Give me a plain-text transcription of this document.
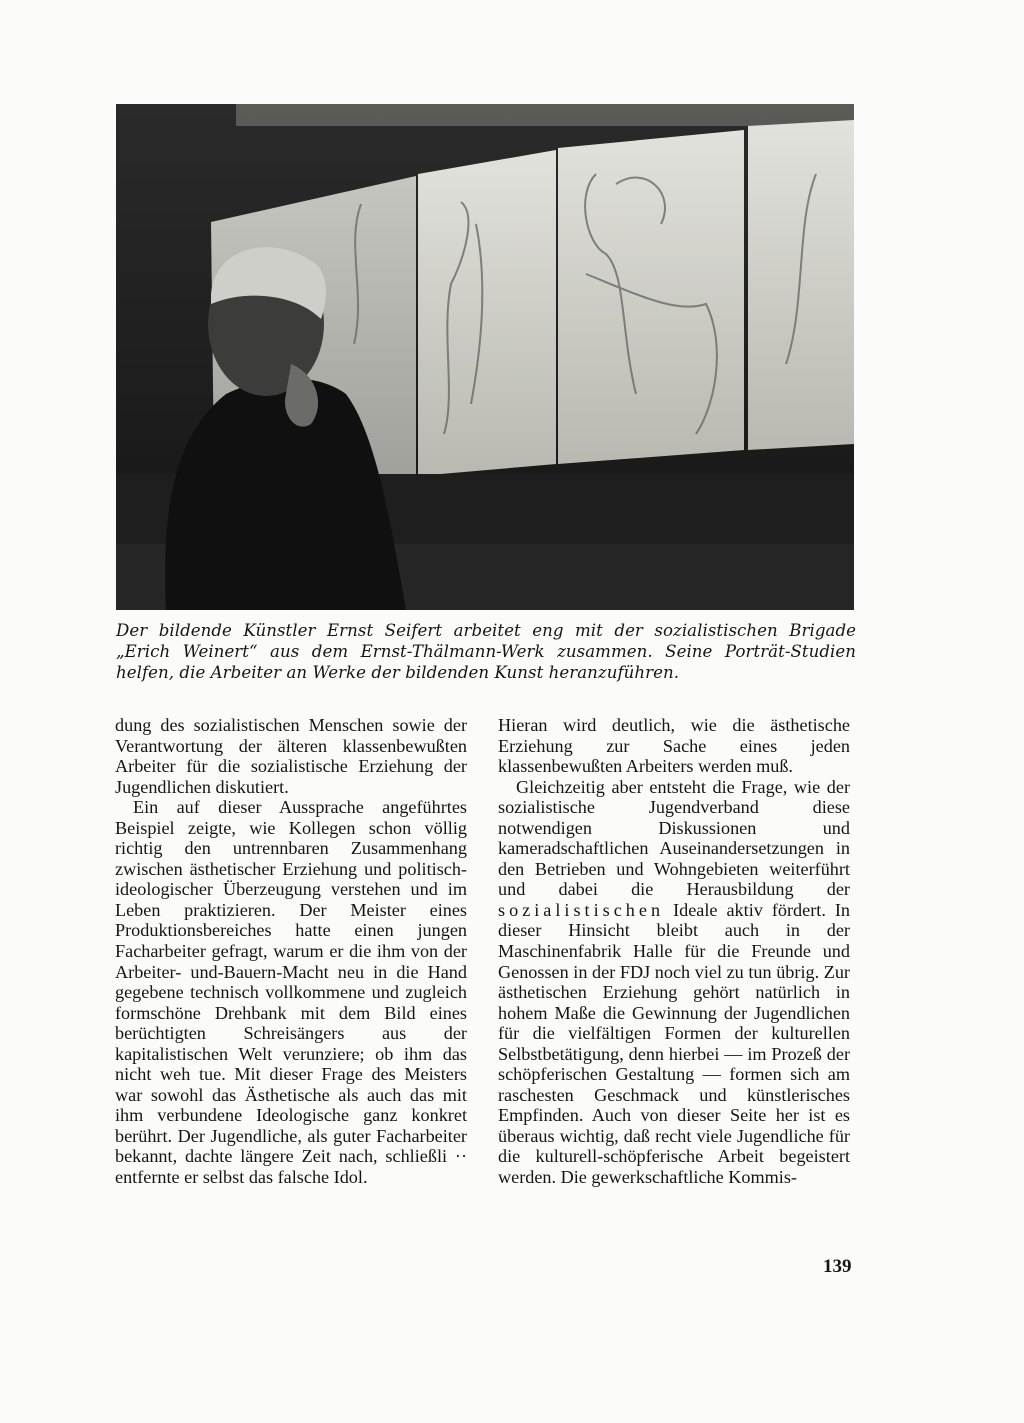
Der bildende Künstler Ernst Seifert arbeitet eng mit der sozialistischen Brigade

„Erich Weinert“ aus dem Ernst-Thälmann-Werk zusammen. Seine Porträt-Studien

helfen, die Arbeiter an Werke der bildenden Kunst heranzuführen.

dung des sozialistischen Menschen sowie der Verantwortung der älteren klassenbewußten Arbeiter für die sozialistische Erziehung der Jugendlichen diskutiert.

Ein auf dieser Aussprache angeführtes Beispiel zeigte, wie Kollegen schon völlig richtig den untrennbaren Zusammenhang zwischen ästhetischer Erziehung und politisch-ideologischer Überzeugung verstehen und im Leben praktizieren. Der Meister eines Produktionsbereiches hatte einen jungen Facharbeiter gefragt, warum er die ihm von der Arbeiter- und-Bauern-Macht neu in die Hand gegebene technisch vollkommene und zugleich formschöne Drehbank mit dem Bild eines berüchtigten Schreisängers aus der kapitalistischen Welt verunziere; ob ihm das nicht weh tue. Mit dieser Frage des Meisters war sowohl das Ästhetische als auch das mit ihm verbundene Ideologische ganz konkret berührt. Der Jugendliche, als guter Facharbeiter bekannt, dachte längere Zeit nach, schließli ·· entfernte er selbst das falsche Idol.

Hieran wird deutlich, wie die ästhetische Erziehung zur Sache eines jeden klassenbewußten Arbeiters werden muß.

Gleichzeitig aber entsteht die Frage, wie der sozialistische Jugendverband diese notwendigen Diskussionen und kameradschaftlichen Auseinandersetzungen in den Betrieben und Wohngebieten weiterführt und dabei die Herausbildung der sozialistischen Ideale aktiv fördert. In dieser Hinsicht bleibt auch in der Maschinenfabrik Halle für die Freunde und Genossen in der FDJ noch viel zu tun übrig. Zur ästhetischen Erziehung gehört natürlich in hohem Maße die Gewinnung der Jugendlichen für die vielfältigen Formen der kulturellen Selbstbetätigung, denn hierbei — im Prozeß der schöpferischen Gestaltung — formen sich am raschesten Geschmack und künstlerisches Empfinden. Auch von dieser Seite her ist es überaus wichtig, daß recht viele Jugendliche für die kulturell-schöpferische Arbeit begeistert werden. Die gewerkschaftliche Kommis-

139
